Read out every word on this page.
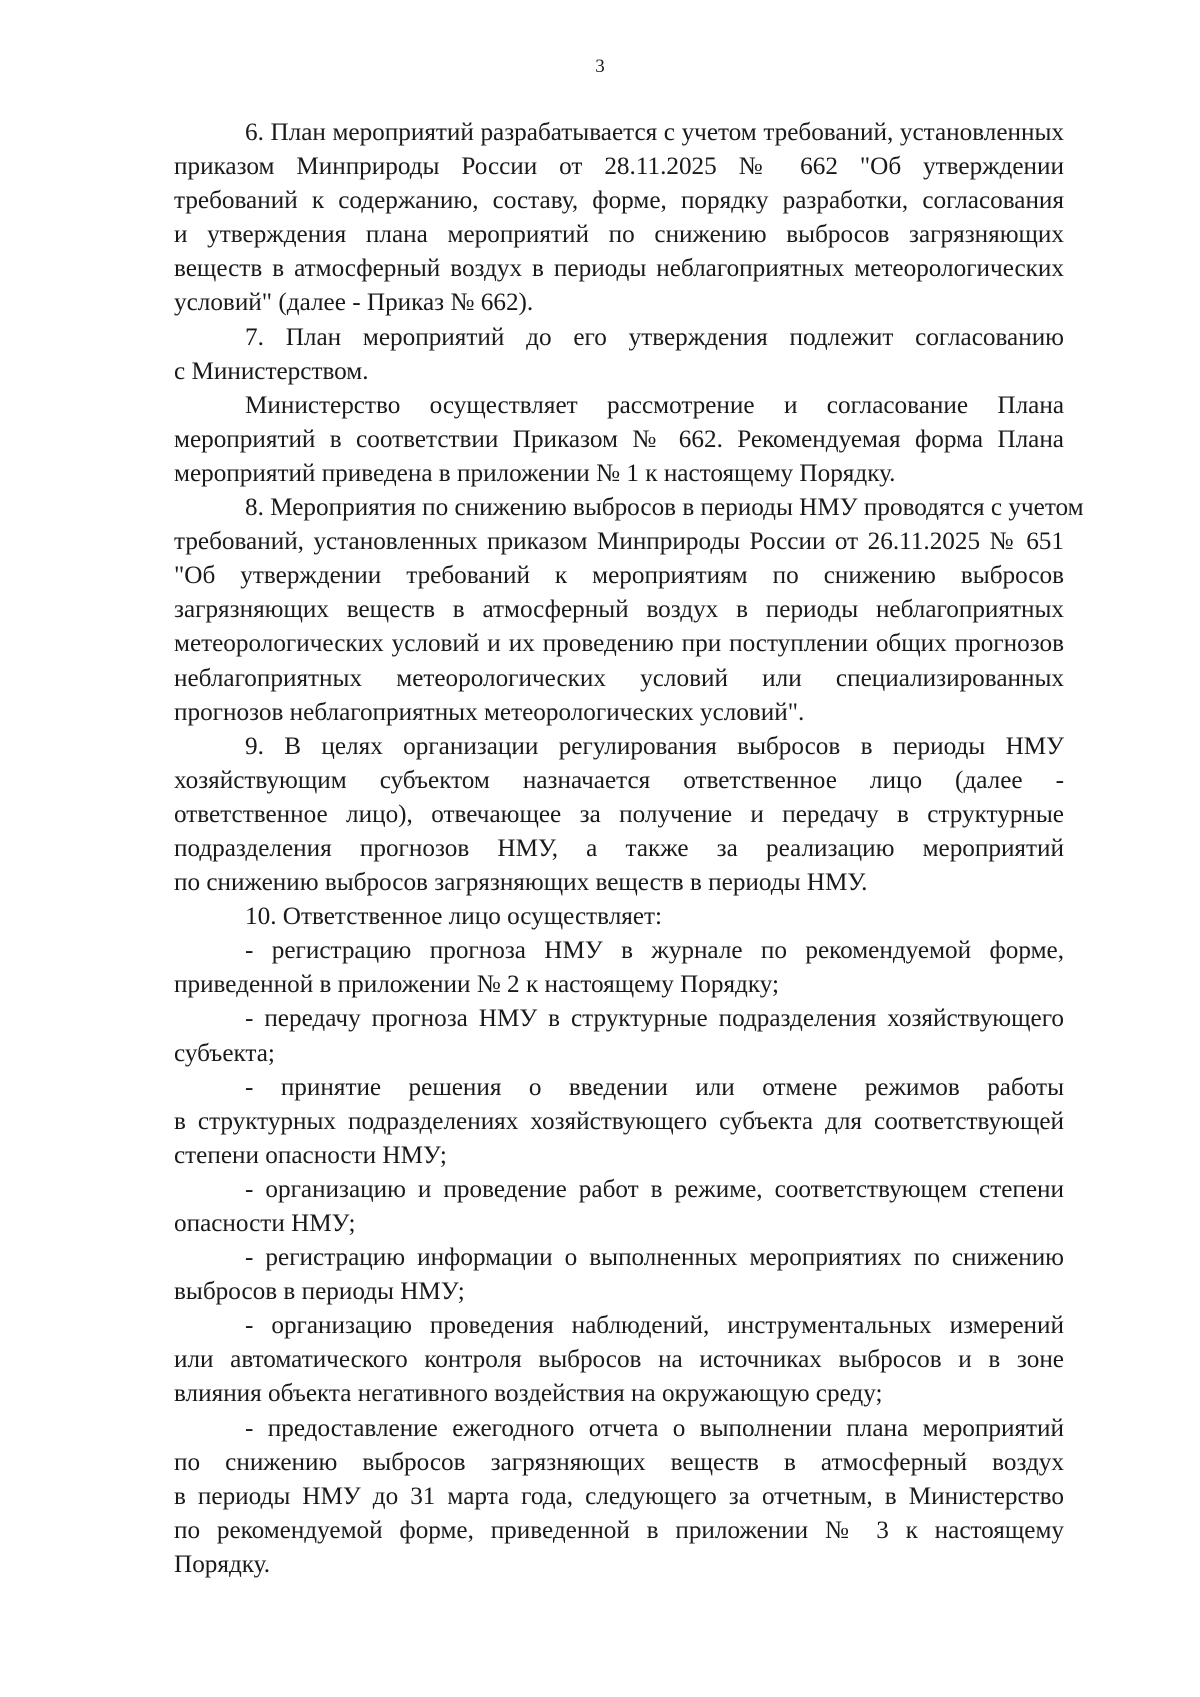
3
6. План мероприятий разрабатывается с учетом требований, установленных
приказом Минприроды России от 28.11.2025 № 662 "Об утверждении
требований к содержанию, составу, форме, порядку разработки, согласования
и утверждения плана мероприятий по снижению выбросов загрязняющих
веществ в атмосферный воздух в периоды неблагоприятных метеорологических
условий" (далее - Приказ № 662).
7. План мероприятий до его утверждения подлежит согласованию
с Министерством.
Министерство осуществляет рассмотрение и согласование Плана
мероприятий в соответствии Приказом № 662. Рекомендуемая форма Плана
мероприятий приведена в приложении № 1 к настоящему Порядку.
8. Мероприятия по снижению выбросов в периоды НМУ проводятся с учетом
требований, установленных приказом Минприроды России от 26.11.2025 № 651
"Об утверждении требований к мероприятиям по снижению выбросов
загрязняющих веществ в атмосферный воздух в периоды неблагоприятных
метеорологических условий и их проведению при поступлении общих прогнозов
неблагоприятных метеорологических условий или специализированных
прогнозов неблагоприятных метеорологических условий".
9. В целях организации регулирования выбросов в периоды НМУ
хозяйствующим субъектом назначается ответственное лицо (далее -
ответственное лицо), отвечающее за получение и передачу в структурные
подразделения прогнозов НМУ, а также за реализацию мероприятий
по снижению выбросов загрязняющих веществ в периоды НМУ.
10. Ответственное лицо осуществляет:
- регистрацию прогноза НМУ в журнале по рекомендуемой форме,
приведенной в приложении № 2 к настоящему Порядку;
- передачу прогноза НМУ в структурные подразделения хозяйствующего
субъекта;
- принятие решения о введении или отмене режимов работы
в структурных подразделениях хозяйствующего субъекта для соответствующей
степени опасности НМУ;
- организацию и проведение работ в режиме, соответствующем степени
опасности НМУ;
- регистрацию информации о выполненных мероприятиях по снижению
выбросов в периоды НМУ;
- организацию проведения наблюдений, инструментальных измерений
или автоматического контроля выбросов на источниках выбросов и в зоне
влияния объекта негативного воздействия на окружающую среду;
- предоставление ежегодного отчета о выполнении плана мероприятий
по снижению выбросов загрязняющих веществ в атмосферный воздух
в периоды НМУ до 31 марта года, следующего за отчетным, в Министерство
по рекомендуемой форме, приведенной в приложении № 3 к настоящему
Порядку.
